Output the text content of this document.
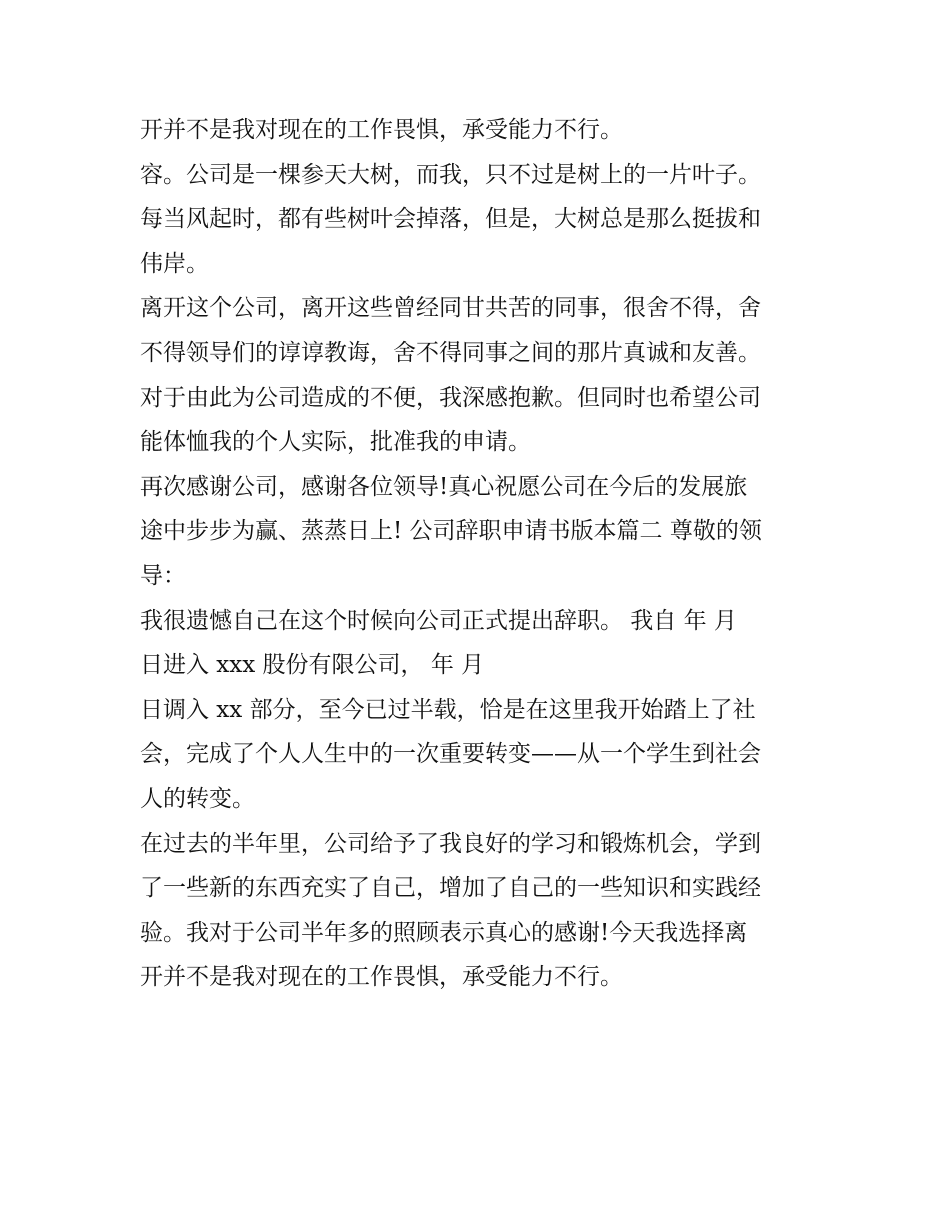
开并不是我对现在的工作畏惧，承受能力不行。
容。公司是一棵参天大树，而我，只不过是树上的一片叶子。
每当风起时，都有些树叶会掉落，但是，大树总是那么挺拔和
伟岸。
离开这个公司，离开这些曾经同甘共苦的同事，很舍不得，舍
不得领导们的谆谆教诲，舍不得同事之间的那片真诚和友善。
对于由此为公司造成的不便，我深感抱歉。但同时也希望公司
能体恤我的个人实际，批准我的申请。
再次感谢公司，感谢各位领导!真心祝愿公司在今后的发展旅
途中步步为赢、蒸蒸日上! 公司辞职申请书版本篇二 尊敬的领
导：
我很遗憾自己在这个时候向公司正式提出辞职。 我自 年 月
日进入 xxx 股份有限公司， 年 月
日调入 xx 部分，至今已过半载，恰是在这里我开始踏上了社
会，完成了个人人生中的一次重要转变——从一个学生到社会
人的转变。
在过去的半年里，公司给予了我良好的学习和锻炼机会，学到
了一些新的东西充实了自己，增加了自己的一些知识和实践经
验。我对于公司半年多的照顾表示真心的感谢!今天我选择离
开并不是我对现在的工作畏惧，承受能力不行。
